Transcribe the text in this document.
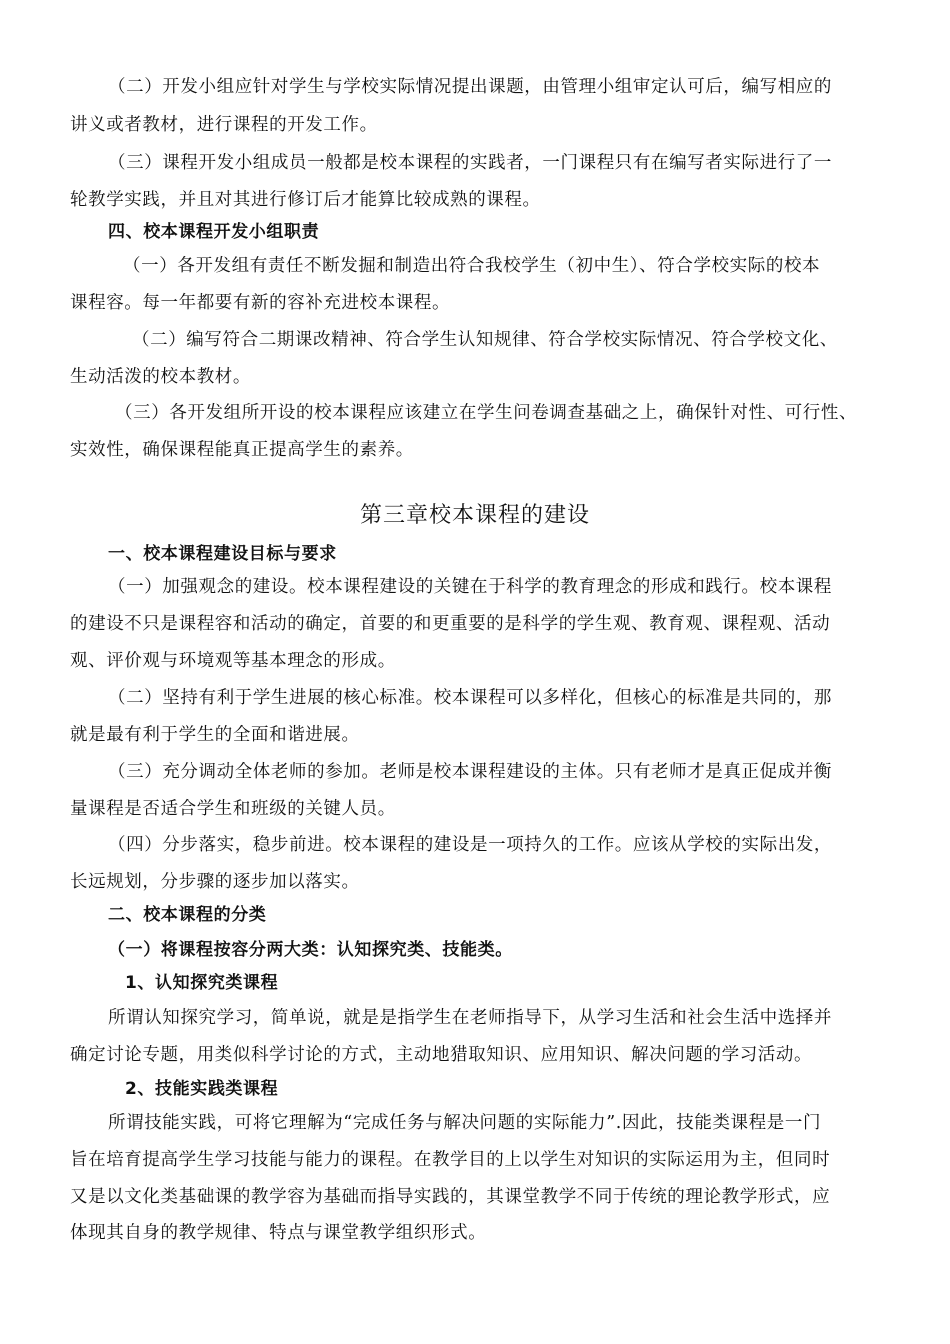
（二）开发小组应针对学生与学校实际情况提出课题，由管理小组审定认可后，编写相应的
讲义或者教材，进行课程的开发工作。
（三）课程开发小组成员一般都是校本课程的实践者，一门课程只有在编写者实际进行了一
轮教学实践，并且对其进行修订后才能算比较成熟的课程。
四、校本课程开发小组职责
（一）各开发组有责任不断发掘和制造出符合我校学生（初中生）、符合学校实际的校本
课程容。每一年都要有新的容补充进校本课程。
（二）编写符合二期课改精神、符合学生认知规律、符合学校实际情况、符合学校文化、
生动活泼的校本教材。
（三）各开发组所开设的校本课程应该建立在学生问卷调查基础之上，确保针对性、可行性、
实效性，确保课程能真正提高学生的素养。
第三章校本课程的建设
一、校本课程建设目标与要求
（一）加强观念的建设。校本课程建设的关键在于科学的教育理念的形成和践行。校本课程
的建设不只是课程容和活动的确定，首要的和更重要的是科学的学生观、教育观、课程观、活动
观、评价观与环境观等基本理念的形成。
（二）坚持有利于学生进展的核心标准。校本课程可以多样化，但核心的标准是共同的，那
就是最有利于学生的全面和谐进展。
（三）充分调动全体老师的参加。老师是校本课程建设的主体。只有老师才是真正促成并衡
量课程是否适合学生和班级的关键人员。
（四）分步落实，稳步前进。校本课程的建设是一项持久的工作。应该从学校的实际出发，
长远规划，分步骤的逐步加以落实。
二、校本课程的分类
（一）将课程按容分两大类：认知探究类、技能类。
1、认知探究类课程
所谓认知探究学习，简单说，就是是指学生在老师指导下，从学习生活和社会生活中选择并
确定讨论专题，用类似科学讨论的方式，主动地猎取知识、应用知识、解决问题的学习活动。
2、技能实践类课程
所谓技能实践，可将它理解为“完成任务与解决问题的实际能力”.因此，技能类课程是一门
旨在培育提高学生学习技能与能力的课程。在教学目的上以学生对知识的实际运用为主，但同时
又是以文化类基础课的教学容为基础而指导实践的，其课堂教学不同于传统的理论教学形式，应
体现其自身的教学规律、特点与课堂教学组织形式。
